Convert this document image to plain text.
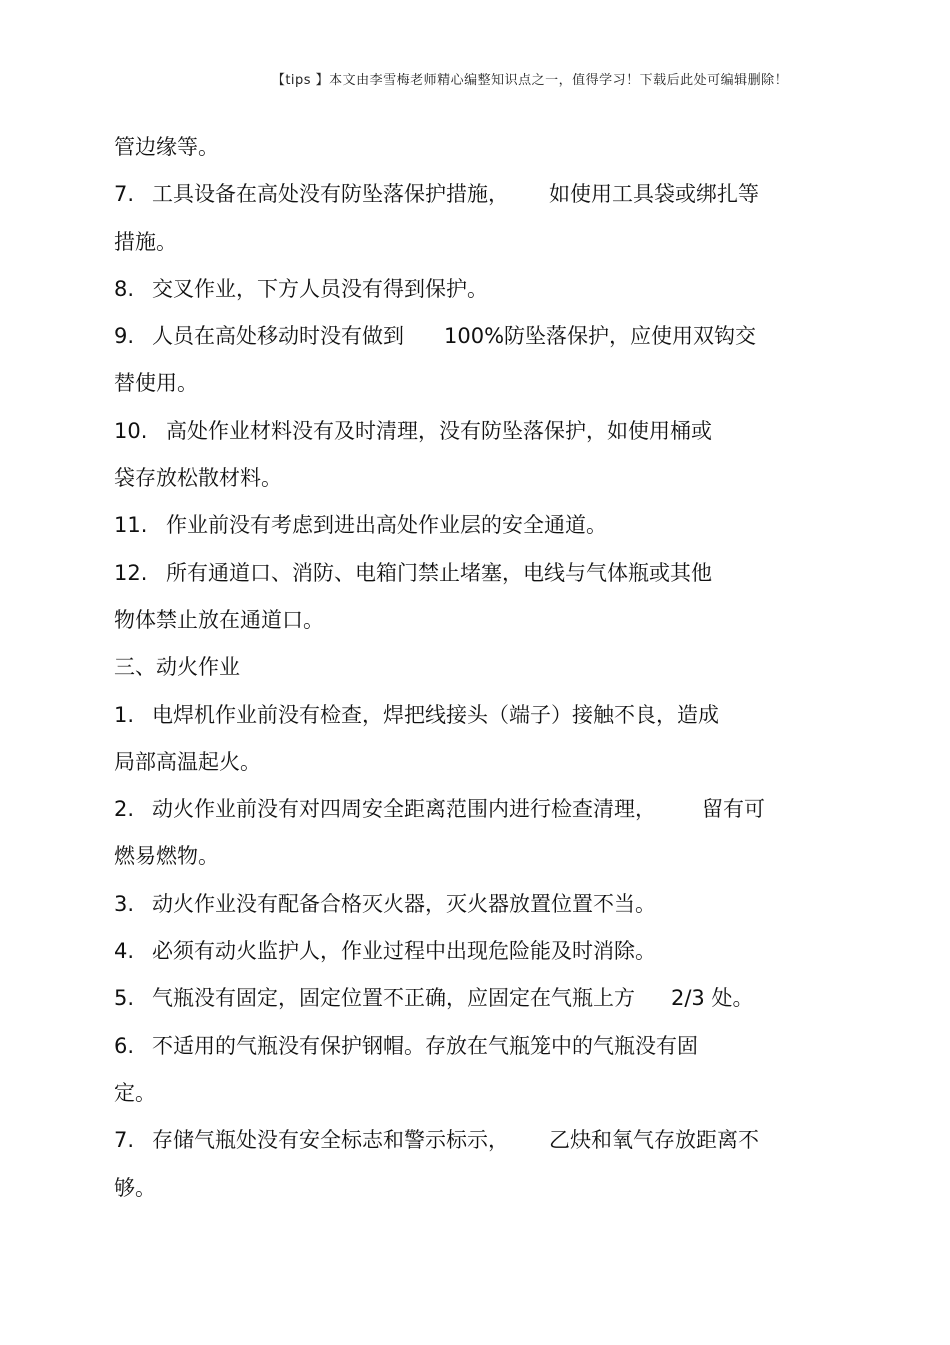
【tips 】本文由李雪梅老师精心编整知识点之一，值得学习！下载后此处可编辑删除！
管边缘等。
7. 工具设备在高处没有防坠落保护措施， 如使用工具袋或绑扎等
措施。
8. 交叉作业，下方人员没有得到保护。
9. 人员在高处移动时没有做到 100%防坠落保护，应使用双钩交
替使用。
10. 高处作业材料没有及时清理，没有防坠落保护，如使用桶或
袋存放松散材料。
11. 作业前没有考虑到进出高处作业层的安全通道。
12. 所有通道口、消防、电箱门禁止堵塞，电线与气体瓶或其他
物体禁止放在通道口。
三、动火作业
1. 电焊机作业前没有检查，焊把线接头（端子）接触不良，造成
局部高温起火。
2. 动火作业前没有对四周安全距离范围内进行检查清理， 留有可
燃易燃物。
3. 动火作业没有配备合格灭火器，灭火器放置位置不当。
4. 必须有动火监护人，作业过程中出现危险能及时消除。
5. 气瓶没有固定，固定位置不正确，应固定在气瓶上方 2/3 处。
6. 不适用的气瓶没有保护钢帽。存放在气瓶笼中的气瓶没有固
定。
7. 存储气瓶处没有安全标志和警示标示， 乙炔和氧气存放距离不
够。
